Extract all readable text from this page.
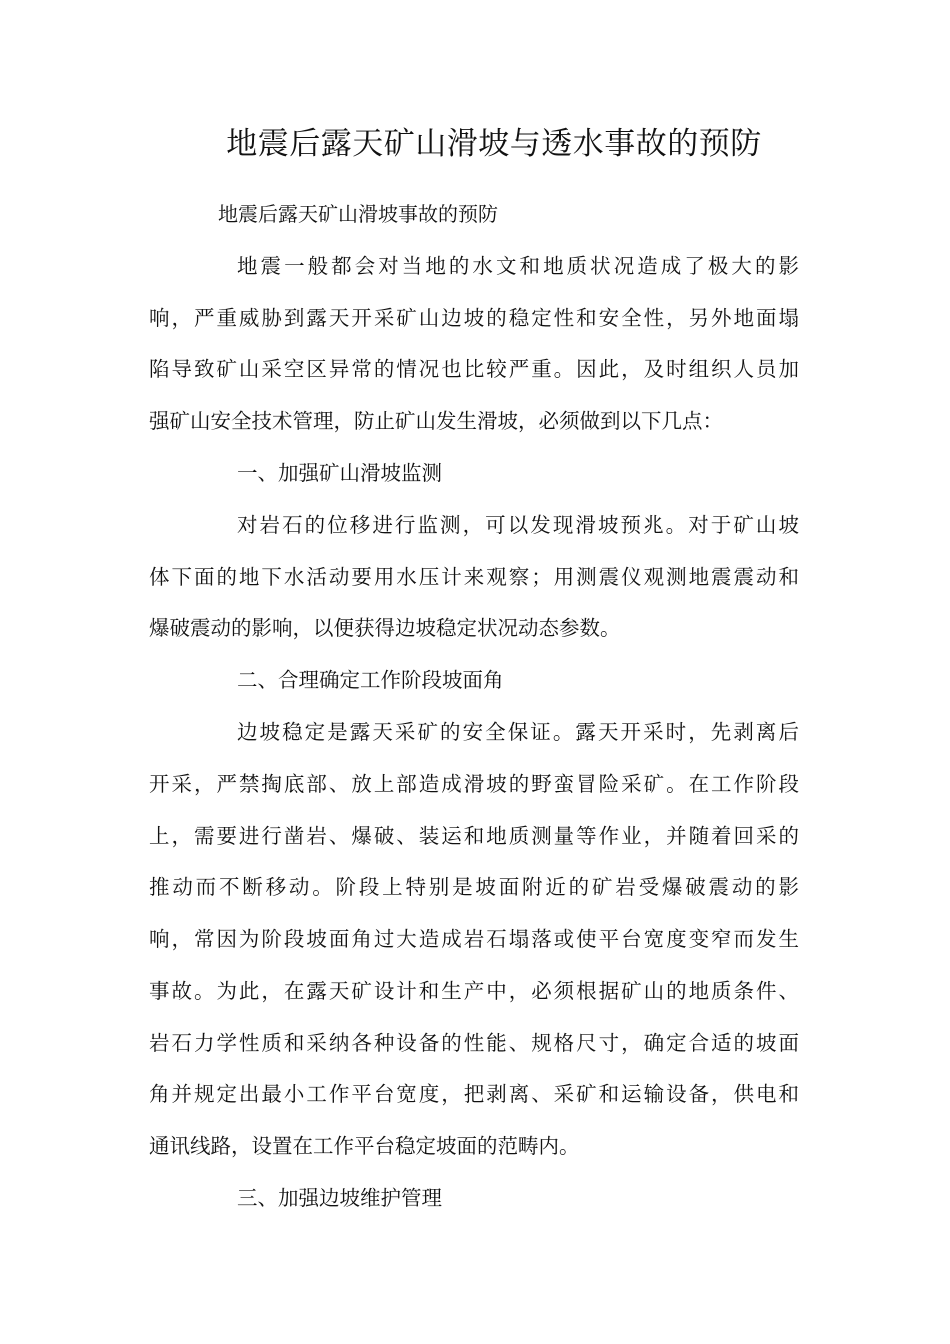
地震后露天矿山滑坡与透水事故的预防
地震后露天矿山滑坡事故的预防
地震一般都会对当地的水文和地质状况造成了极大的影
响，严重威胁到露天开采矿山边坡的稳定性和安全性，另外地面塌
陷导致矿山采空区异常的情况也比较严重。因此，及时组织人员加
强矿山安全技术管理，防止矿山发生滑坡，必须做到以下几点：
一、加强矿山滑坡监测
对岩石的位移进行监测，可以发现滑坡预兆。对于矿山坡
体下面的地下水活动要用水压计来观察；用测震仪观测地震震动和
爆破震动的影响，以便获得边坡稳定状况动态参数。
二、合理确定工作阶段坡面角
边坡稳定是露天采矿的安全保证。露天开采时，先剥离后
开采，严禁掏底部、放上部造成滑坡的野蛮冒险采矿。在工作阶段
上，需要进行凿岩、爆破、装运和地质测量等作业，并随着回采的
推动而不断移动。阶段上特别是坡面附近的矿岩受爆破震动的影
响，常因为阶段坡面角过大造成岩石塌落或使平台宽度变窄而发生
事故。为此，在露天矿设计和生产中，必须根据矿山的地质条件、
岩石力学性质和采纳各种设备的性能、规格尺寸，确定合适的坡面
角并规定出最小工作平台宽度，把剥离、采矿和运输设备，供电和
通讯线路，设置在工作平台稳定坡面的范畴内。
三、加强边坡维护管理
